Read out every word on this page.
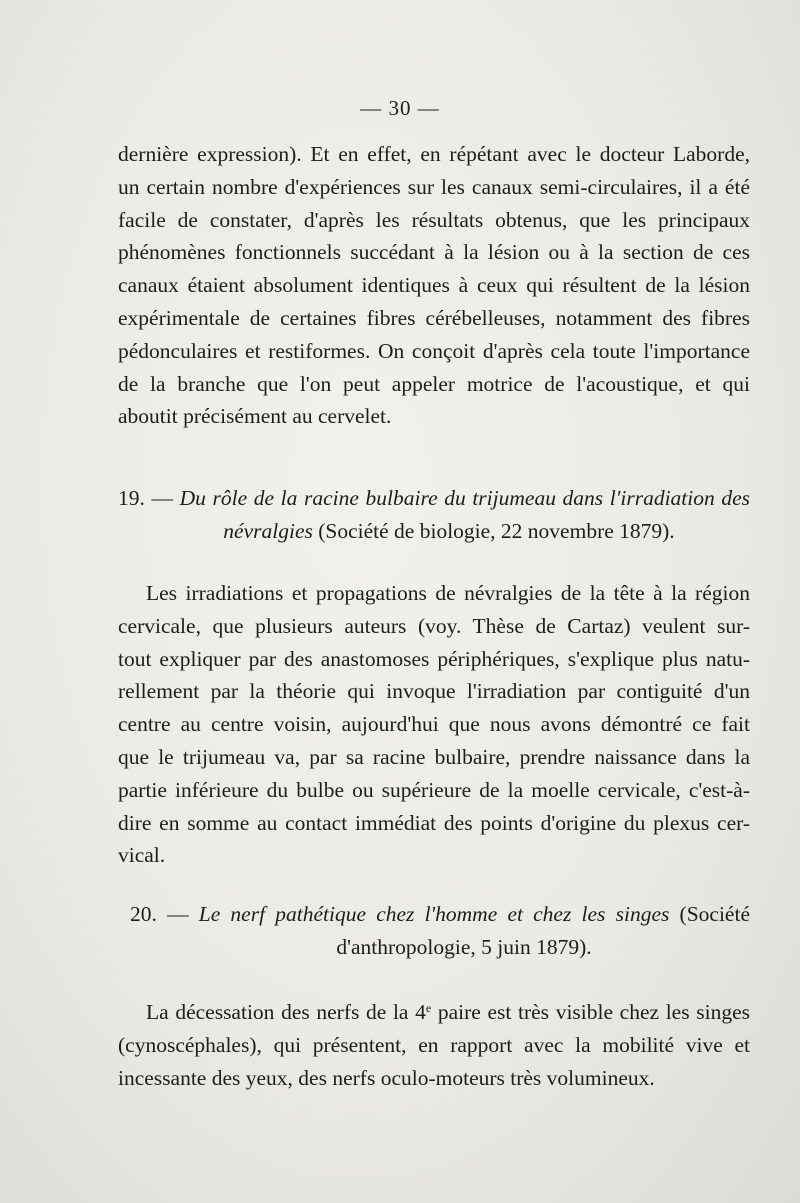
— 30 —
dernière expression). Et en effet, en répétant avec le docteur Laborde,
un certain nombre d'expériences sur les canaux semi-circulaires, il a été
facile de constater, d'après les résultats obtenus, que les principaux
phénomènes fonctionnels succédant à la lésion ou à la section de ces
canaux étaient absolument identiques à ceux qui résultent de la lésion
expérimentale de certaines fibres cérébelleuses, notamment des fibres
pédonculaires et restiformes. On conçoit d'après cela toute l'importance
de la branche que l'on peut appeler motrice de l'acoustique, et qui
aboutit précisément au cervelet.
19. — Du rôle de la racine bulbaire du trijumeau dans l'irradiation des
névralgies (Société de biologie, 22 novembre 1879).
Les irradiations et propagations de névralgies de la tête à la région
cervicale, que plusieurs auteurs (voy. Thèse de Cartaz) veulent sur-
tout expliquer par des anastomoses périphériques, s'explique plus natu-
rellement par la théorie qui invoque l'irradiation par contiguité d'un
centre au centre voisin, aujourd'hui que nous avons démontré ce fait
que le trijumeau va, par sa racine bulbaire, prendre naissance dans la
partie inférieure du bulbe ou supérieure de la moelle cervicale, c'est-à-
dire en somme au contact immédiat des points d'origine du plexus cer-
vical.
20. — Le nerf pathétique chez l'homme et chez les singes (Société
d'anthropologie, 5 juin 1879).
La décessation des nerfs de la 4e paire est très visible chez les singes
(cynoscéphales), qui présentent, en rapport avec la mobilité vive et
incessante des yeux, des nerfs oculo-moteurs très volumineux.
